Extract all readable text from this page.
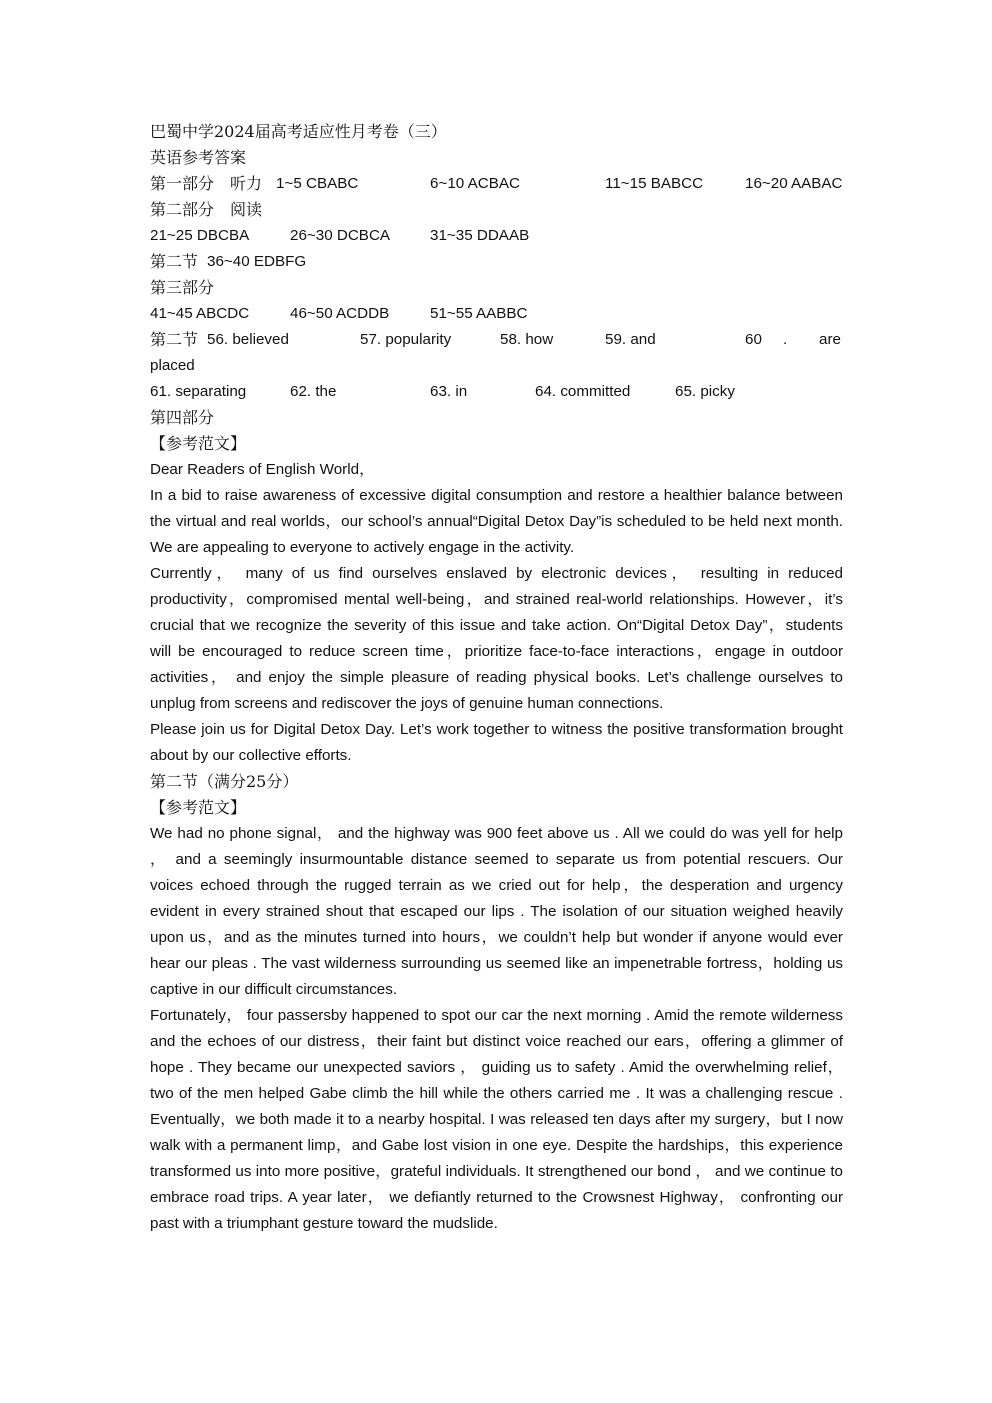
巴蜀中学2024届高考适应性月考卷（三）
英语参考答案
第一部分　听力 1~5 CBABC	6~10 ACBAC	11~15 BABCC	16~20 AABAC
第二部分　阅读
21~25 DBCBA	26~30 DCBCA	31~35 DDAAB
第二节 36~40 EDBFG
第三部分
41~45 ABCDC	46~50 ACDDB	51~55 AABBC
第二节 56. believed	57. popularity	58. how	59. and	60 . are
placed
61. separating	62. the	63. in	64. committed	65. picky
第四部分
【参考范文】
Dear Readers of English World，

In a bid to raise awareness of excessive digital consumption and restore a healthier balance between the virtual and real worlds，our school’s annual“Digital Detox Day”is scheduled to be held next month. We are appealing to everyone to actively engage in the activity.

Currently， many of us find ourselves enslaved by electronic devices， resulting in reduced productivity，compromised mental well-being，and strained real-world relationships. However，it’s crucial that we recognize the severity of this issue and take action. On“Digital Detox Day”，students will be encouraged to reduce screen time，prioritize face-to-face interactions，engage in outdoor activities， and enjoy the simple pleasure of reading physical books. Let’s challenge ourselves to unplug from screens and rediscover the joys of genuine human connections.

Please join us for Digital Detox Day. Let’s work together to witness the positive transformation brought about by our collective efforts.

第二节（满分25分）
【参考范文】

We had no phone signal， and the highway was 900 feet above us . All we could do was yell for help ， and a seemingly insurmountable distance seemed to separate us from potential rescuers. Our voices echoed through the rugged terrain as we cried out for help，the desperation and urgency evident in every strained shout that escaped our lips . The isolation of our situation weighed heavily upon us，and as the minutes turned into hours，we couldn’t help but wonder if anyone would ever hear our pleas . The vast wilderness surrounding us seemed like an impenetrable fortress，holding us captive in our difficult circumstances.

Fortunately， four passersby happened to spot our car the next morning . Amid the remote wilderness and the echoes of our distress，their faint but distinct voice reached our ears，offering a glimmer of hope . They became our unexpected saviors ， guiding us to safety . Amid the overwhelming relief，two of the men helped Gabe climb the hill while the others carried me . It was a challenging rescue . Eventually，we both made it to a nearby hospital. I was released ten days after my surgery，but I now walk with a permanent limp，and Gabe lost vision in one eye. Despite the hardships，this experience transformed us into more positive，grateful individuals. It strengthened our bond ， and we continue to embrace road trips. A year later， we defiantly returned to the Crowsnest Highway， confronting our past with a triumphant gesture toward the mudslide.
